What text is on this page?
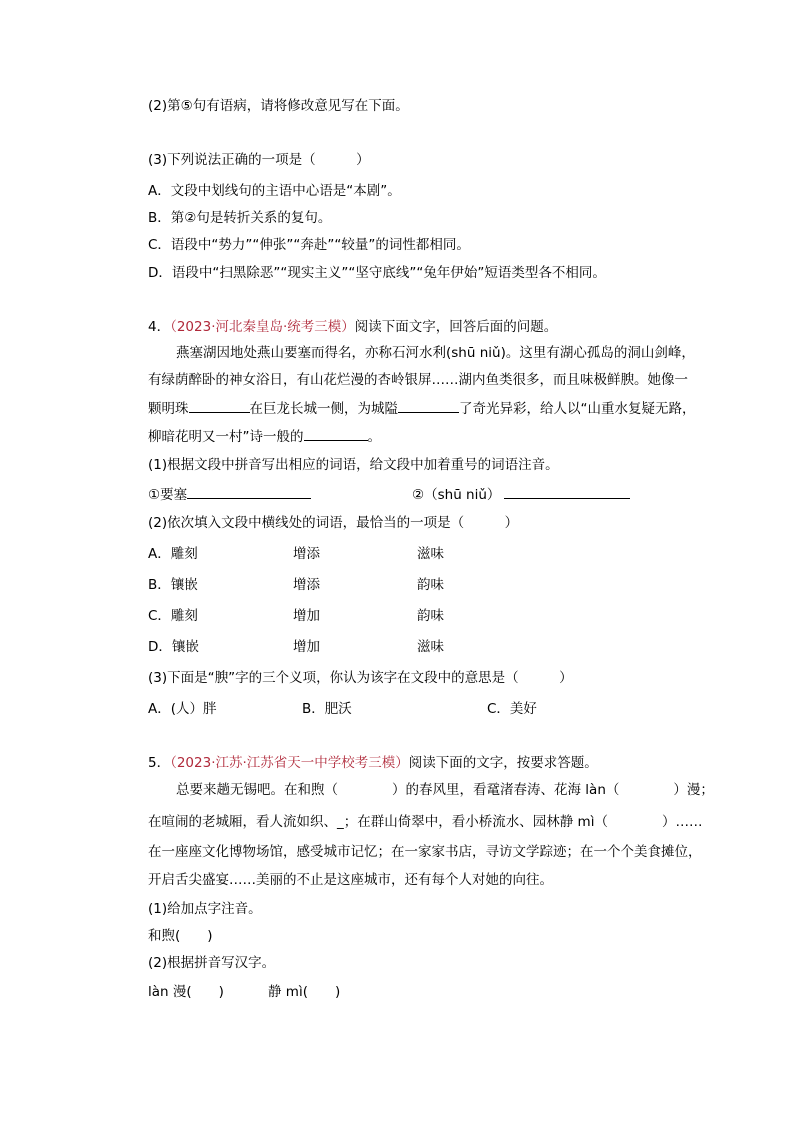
(2)第⑤句有语病，请将修改意见写在下面。
(3)下列说法正确的一项是（　　　）
A．文段中划线句的主语中心语是“本剧”。
B．第②句是转折关系的复句。
C．语段中“势力”“伸张”“奔赴”“较量”的词性都相同。
D．语段中“扫黑除恶”“现实主义”“坚守底线”“兔年伊始”短语类型各不相同。
4．（2023·河北秦皇岛·统考三模）阅读下面文字，回答后面的问题。
燕塞湖因地处燕山要塞而得名，亦称石河水利(shū niǔ)。这里有湖心孤岛的洞山剑峰，
有绿荫醉卧的神女浴日，有山花烂漫的杏岭银屏……湖内鱼类很多，而且味极鲜腴。她像一
颗明珠	在巨龙长城一侧，为城隘	了奇光异彩，给人以“山重水复疑无路，
柳暗花明又一村”诗一般的	。
(1)根据文段中拼音写出相应的词语，给文段中加着重号的词语注音。
①要塞	②（shū niǔ）
(2)依次填入文段中横线处的词语，最恰当的一项是（　　　）
A．雕刻	增添	滋味
B．镶嵌	增添	韵味
C．雕刻	增加	韵味
D．镶嵌	增加	滋味
(3)下面是“腴”字的三个义项，你认为该字在文段中的意思是（　　　）
A．(人）胖	B．肥沃	C．美好
5．（2023·江苏·江苏省天一中学校考三模）阅读下面的文字，按要求答题。
总要来趟无锡吧。在和煦（　　　　）的春风里，看鼋渚春涛、花海 làn（　　　　）漫；
在喧闹的老城厢，看人流如织、_；在群山倚翠中，看小桥流水、园林静 mì（　　　　）……
在一座座文化博物场馆，感受城市记忆；在一家家书店，寻访文学踪迹；在一个个美食摊位，
开启舌尖盛宴……美丽的不止是这座城市，还有每个人对她的向往。
(1)给加点字注音。
和煦(　　)
(2)根据拼音写汉字。
làn 漫(　　)	静 mì(　　)
